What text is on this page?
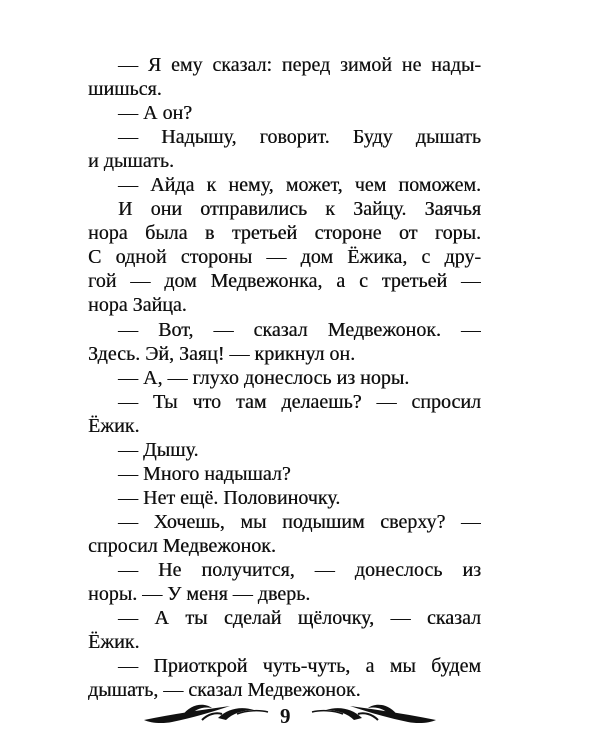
— Я ему сказал: перед зимой не нады-
шишься.
— А он?
— Надышу, говорит. Буду дышать
и дышать.
— Айда к нему, может, чем поможем.
И они отправились к Зайцу. Заячья
нора была в третьей стороне от горы.
С одной стороны — дом Ёжика, с дру-
гой — дом Медвежонка, а с третьей —
нора Зайца.
— Вот, — сказал Медвежонок. —
Здесь. Эй, Заяц! — крикнул он.
— А, — глухо донеслось из норы.
— Ты что там делаешь? — спросил
Ёжик.
— Дышу.
— Много надышал?
— Нет ещё. Половиночку.
— Хочешь, мы подышим сверху? —
спросил Медвежонок.
— Не получится, — донеслось из
норы. — У меня — дверь.
— А ты сделай щёлочку, — сказал
Ёжик.
— Приоткрой чуть-чуть, а мы будем
дышать, — сказал Медвежонок.
9
